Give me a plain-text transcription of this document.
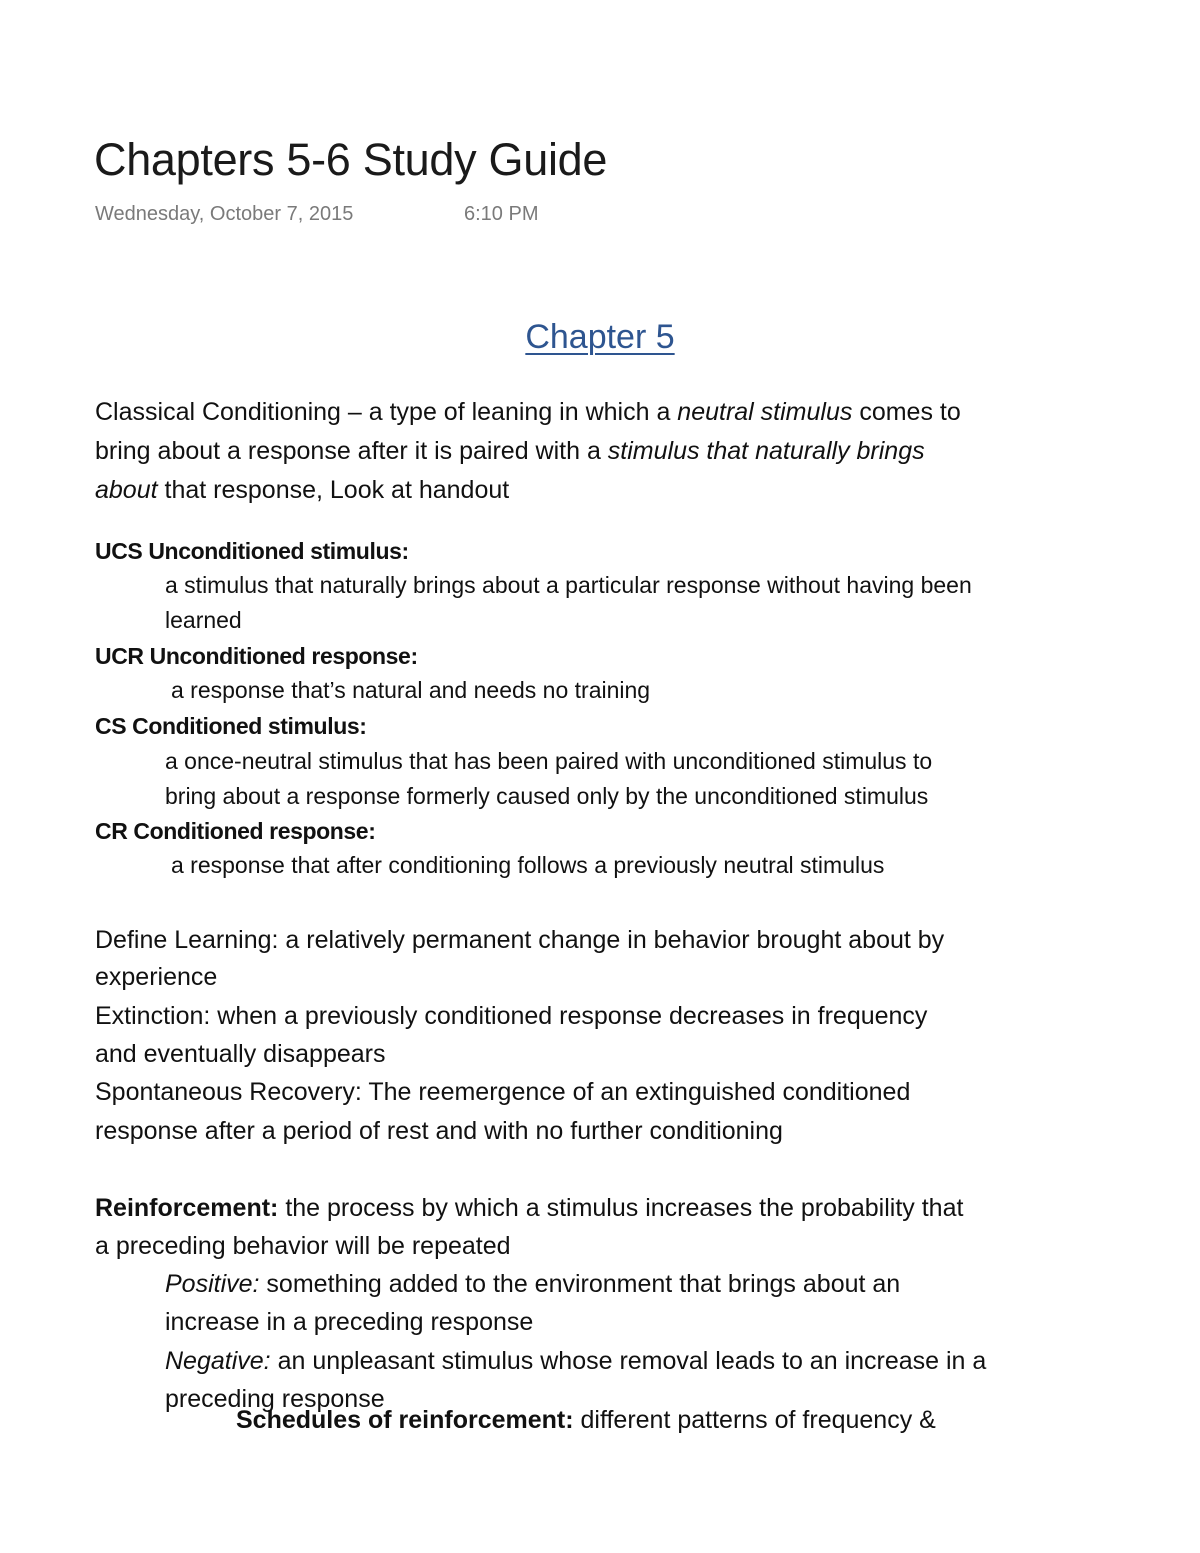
Chapters 5-6 Study Guide
Wednesday, October 7, 2015	6:10 PM
Chapter 5
Classical Conditioning – a type of leaning in which a neutral stimulus comes to
bring about a response after it is paired with a stimulus that naturally brings
about that response, Look at handout
UCS Unconditioned stimulus:
a stimulus that naturally brings about a particular response without having been
learned
UCR Unconditioned response:
a response that’s natural and needs no training
CS Conditioned stimulus:
a once-neutral stimulus that has been paired with unconditioned stimulus to
bring about a response formerly caused only by the unconditioned stimulus
CR Conditioned response:
a response that after conditioning follows a previously neutral stimulus
Define Learning: a relatively permanent change in behavior brought about by
experience
Extinction: when a previously conditioned response decreases in frequency
and eventually disappears
Spontaneous Recovery: The reemergence of an extinguished conditioned
response after a period of rest and with no further conditioning
Reinforcement: the process by which a stimulus increases the probability that
a preceding behavior will be repeated
Positive: something added to the environment that brings about an
increase in a preceding response
Negative: an unpleasant stimulus whose removal leads to an increase in a
preceding response
Schedules of reinforcement: different patterns of frequency &
